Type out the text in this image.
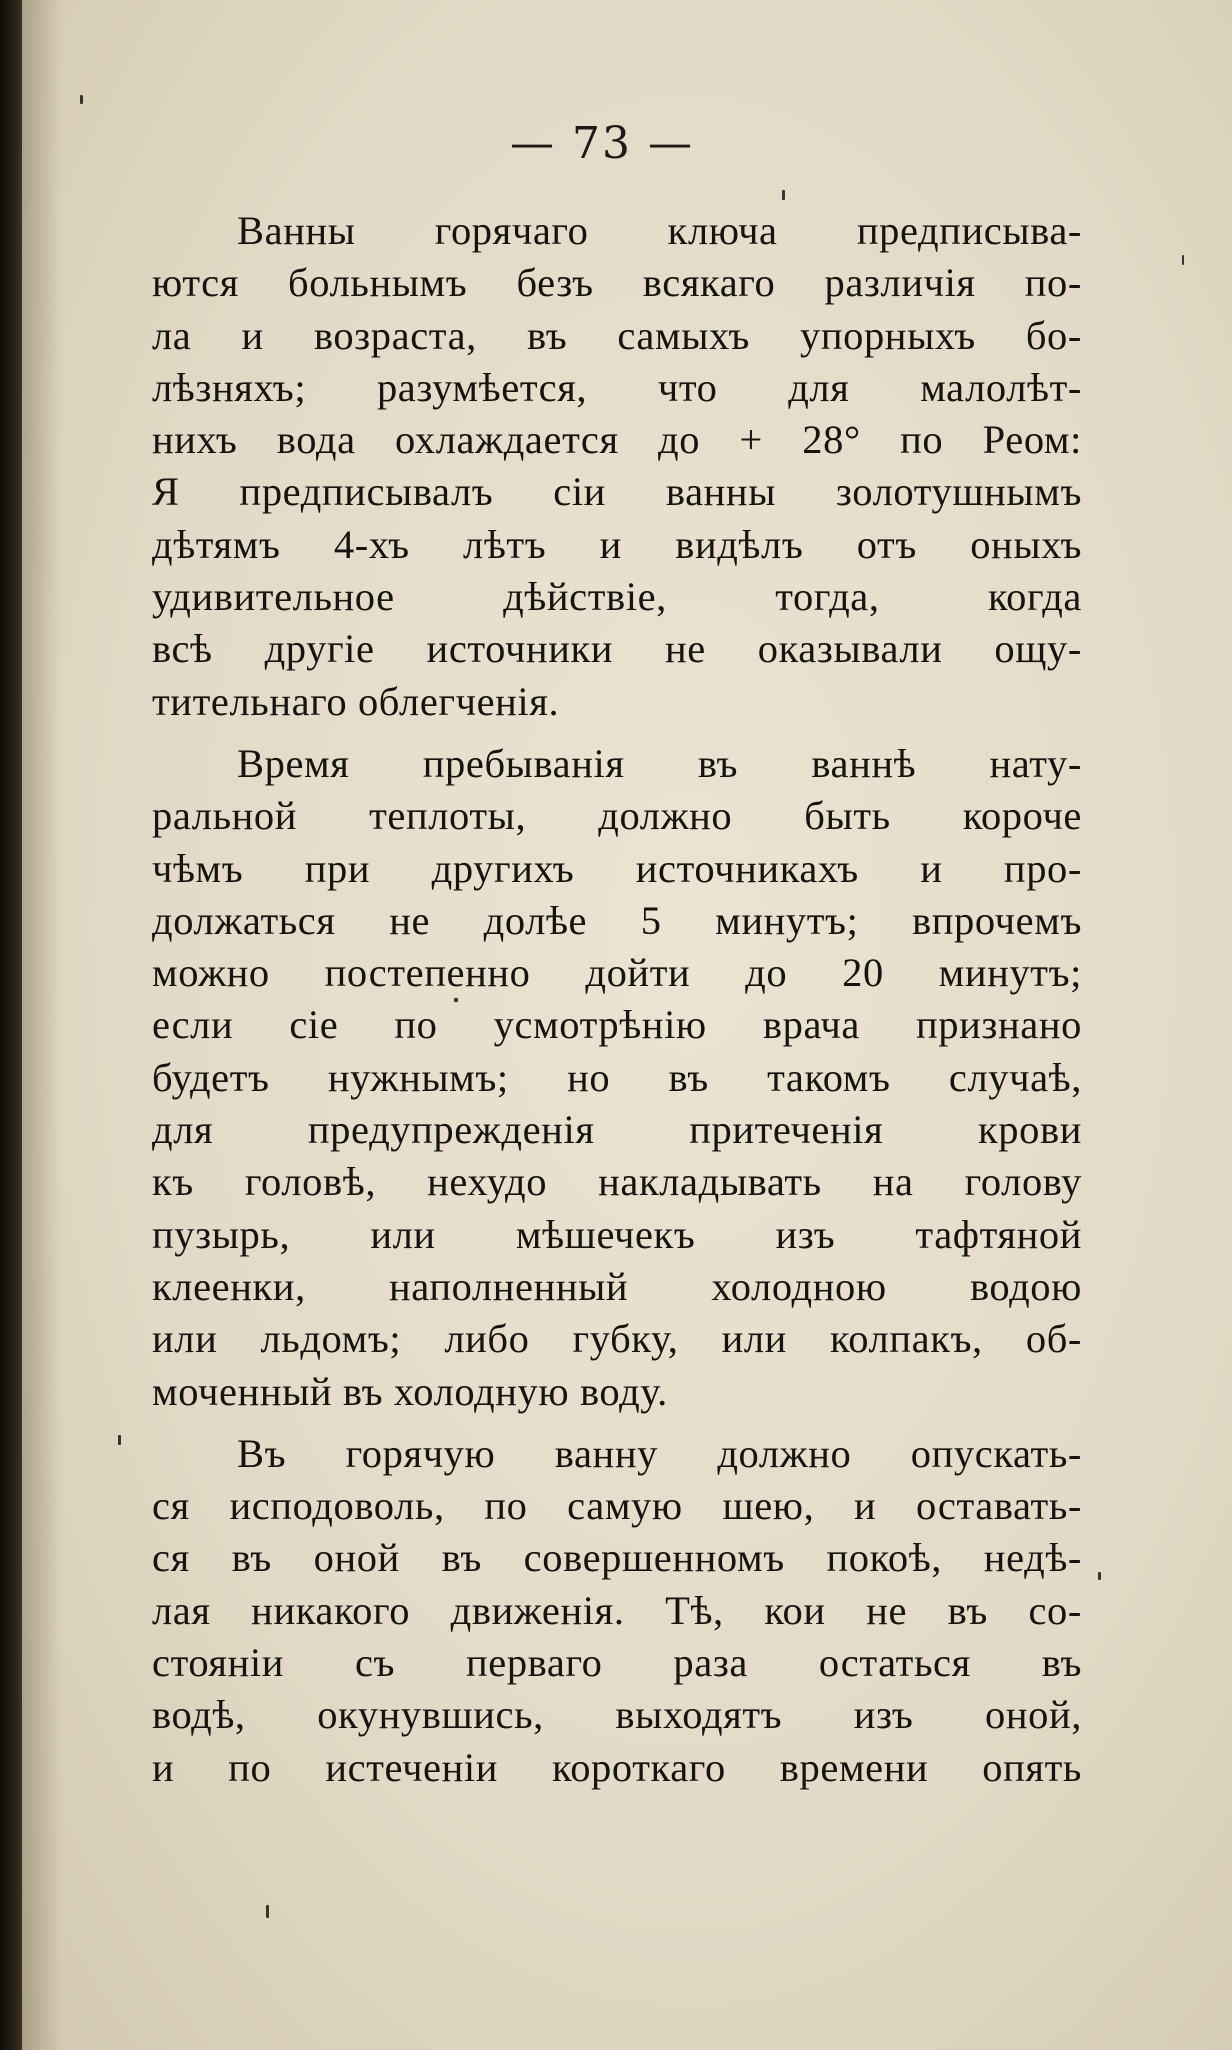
— 73 —
Ванны горячаго ключа предписыва-
ются больнымъ безъ всякаго различія по-
ла и возраста, въ самыхъ упорныхъ бо-
лѣзняхъ; разумѣется, что для малолѣт-
нихъ вода охлаждается до + 28° по Реом:
Я предписывалъ сіи ванны золотушнымъ
дѣтямъ 4-хъ лѣтъ и видѣлъ отъ оныхъ
удивительное дѣйствіе, тогда, когда
всѣ другіе источники не оказывали ощу-
тительнаго облегченія.
Время пребыванія въ ваннѣ нату-
ральной теплоты, должно быть короче
чѣмъ при другихъ источникахъ и про-
должаться не долѣе 5 минутъ; впрочемъ
можно постепенно дойти до 20 минутъ;
если сіе по усмотрѣнію врача признано
будетъ нужнымъ; но въ такомъ случаѣ,
для предупрежденія притеченія крови
къ головѣ, нехудо накладывать на голову
пузырь, или мѣшечекъ изъ тафтяной
клеенки, наполненный холодною водою
или льдомъ; либо губку, или колпакъ, об-
моченный въ холодную воду.
Въ горячую ванну должно опускать-
ся исподоволь, по самую шею, и оставать-
ся въ оной въ совершенномъ покоѣ, недѣ-
лая никакого движенія. Тѣ, кои не въ со-
стояніи съ перваго раза остаться въ
водѣ, окунувшись, выходятъ изъ оной,
и по истеченіи короткаго времени опять
